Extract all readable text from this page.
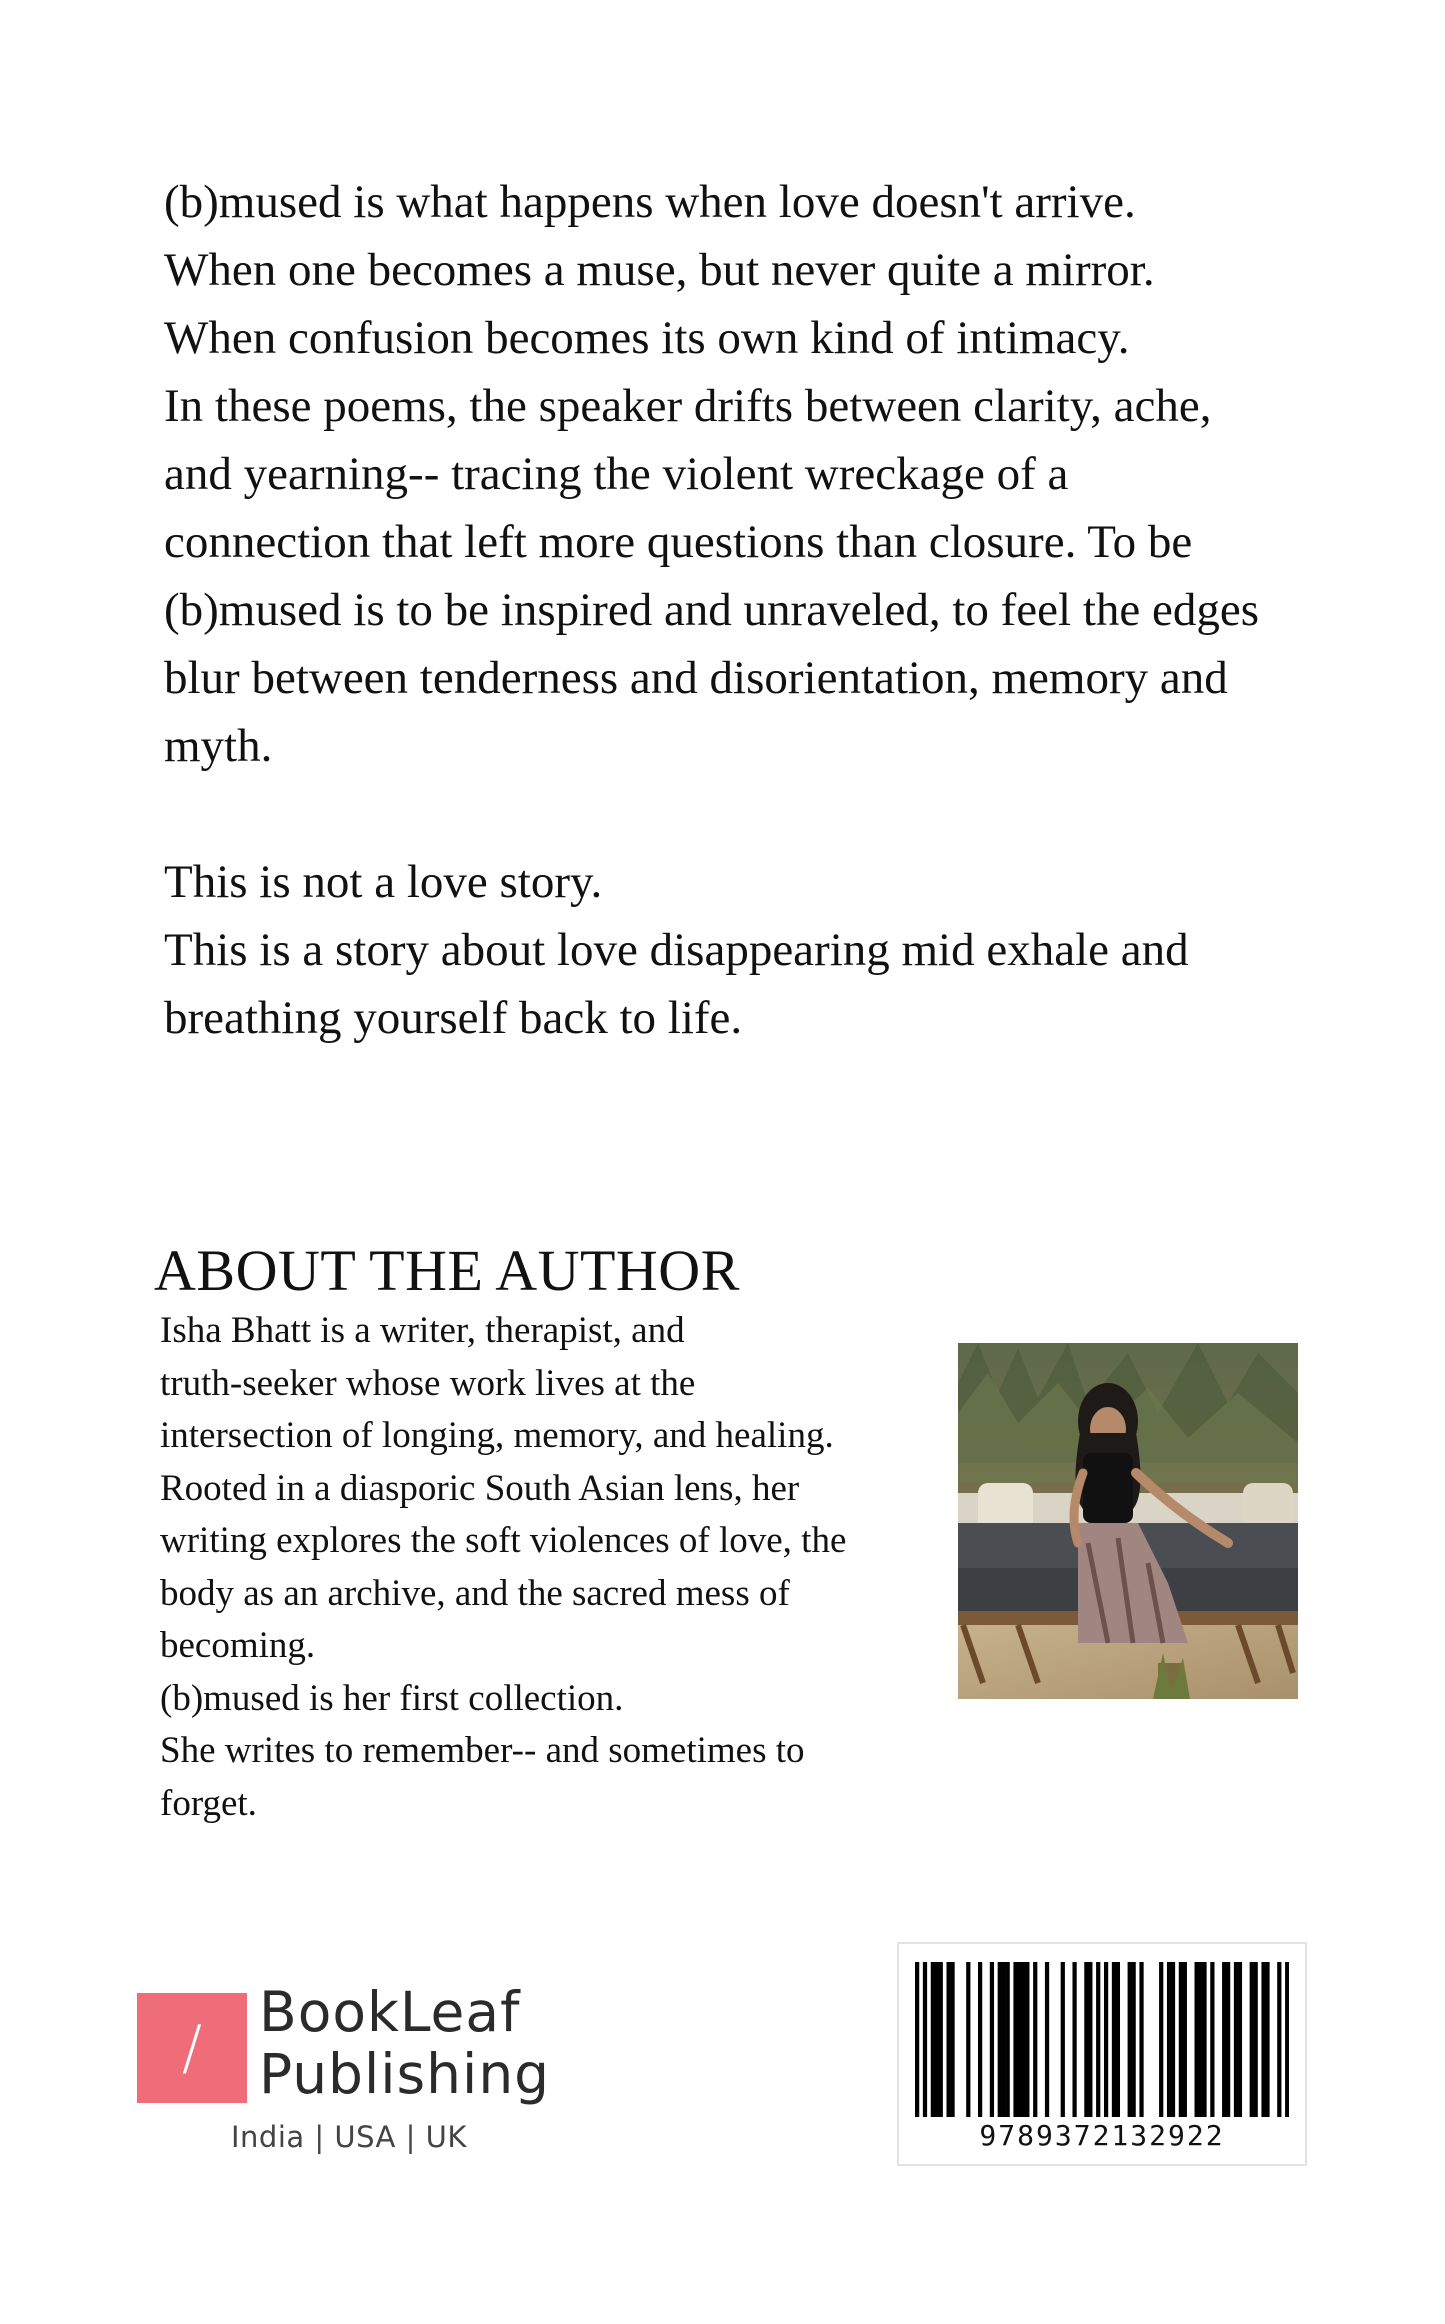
(b)mused is what happens when love doesn't arrive.
When one becomes a muse, but never quite a mirror.
When confusion becomes its own kind of intimacy.
In these poems, the speaker drifts between clarity, ache,
and yearning-- tracing the violent wreckage of a
connection that left more questions than closure. To be
(b)mused is to be inspired and unraveled, to feel the edges
blur between tenderness and disorientation, memory and
myth.

This is not a love story.
This is a story about love disappearing mid exhale and
breathing yourself back to life.

ABOUT THE AUTHOR

Isha Bhatt is a writer, therapist, and
truth-seeker whose work lives at the
intersection of longing, memory, and healing.
Rooted in a diasporic South Asian lens, her
writing explores the soft violences of love, the
body as an archive, and the sacred mess of
becoming.
(b)mused is her first collection.
She writes to remember-- and sometimes to
forget.

/
BookLeaf
Publishing
India | USA | UK	9789372132922
